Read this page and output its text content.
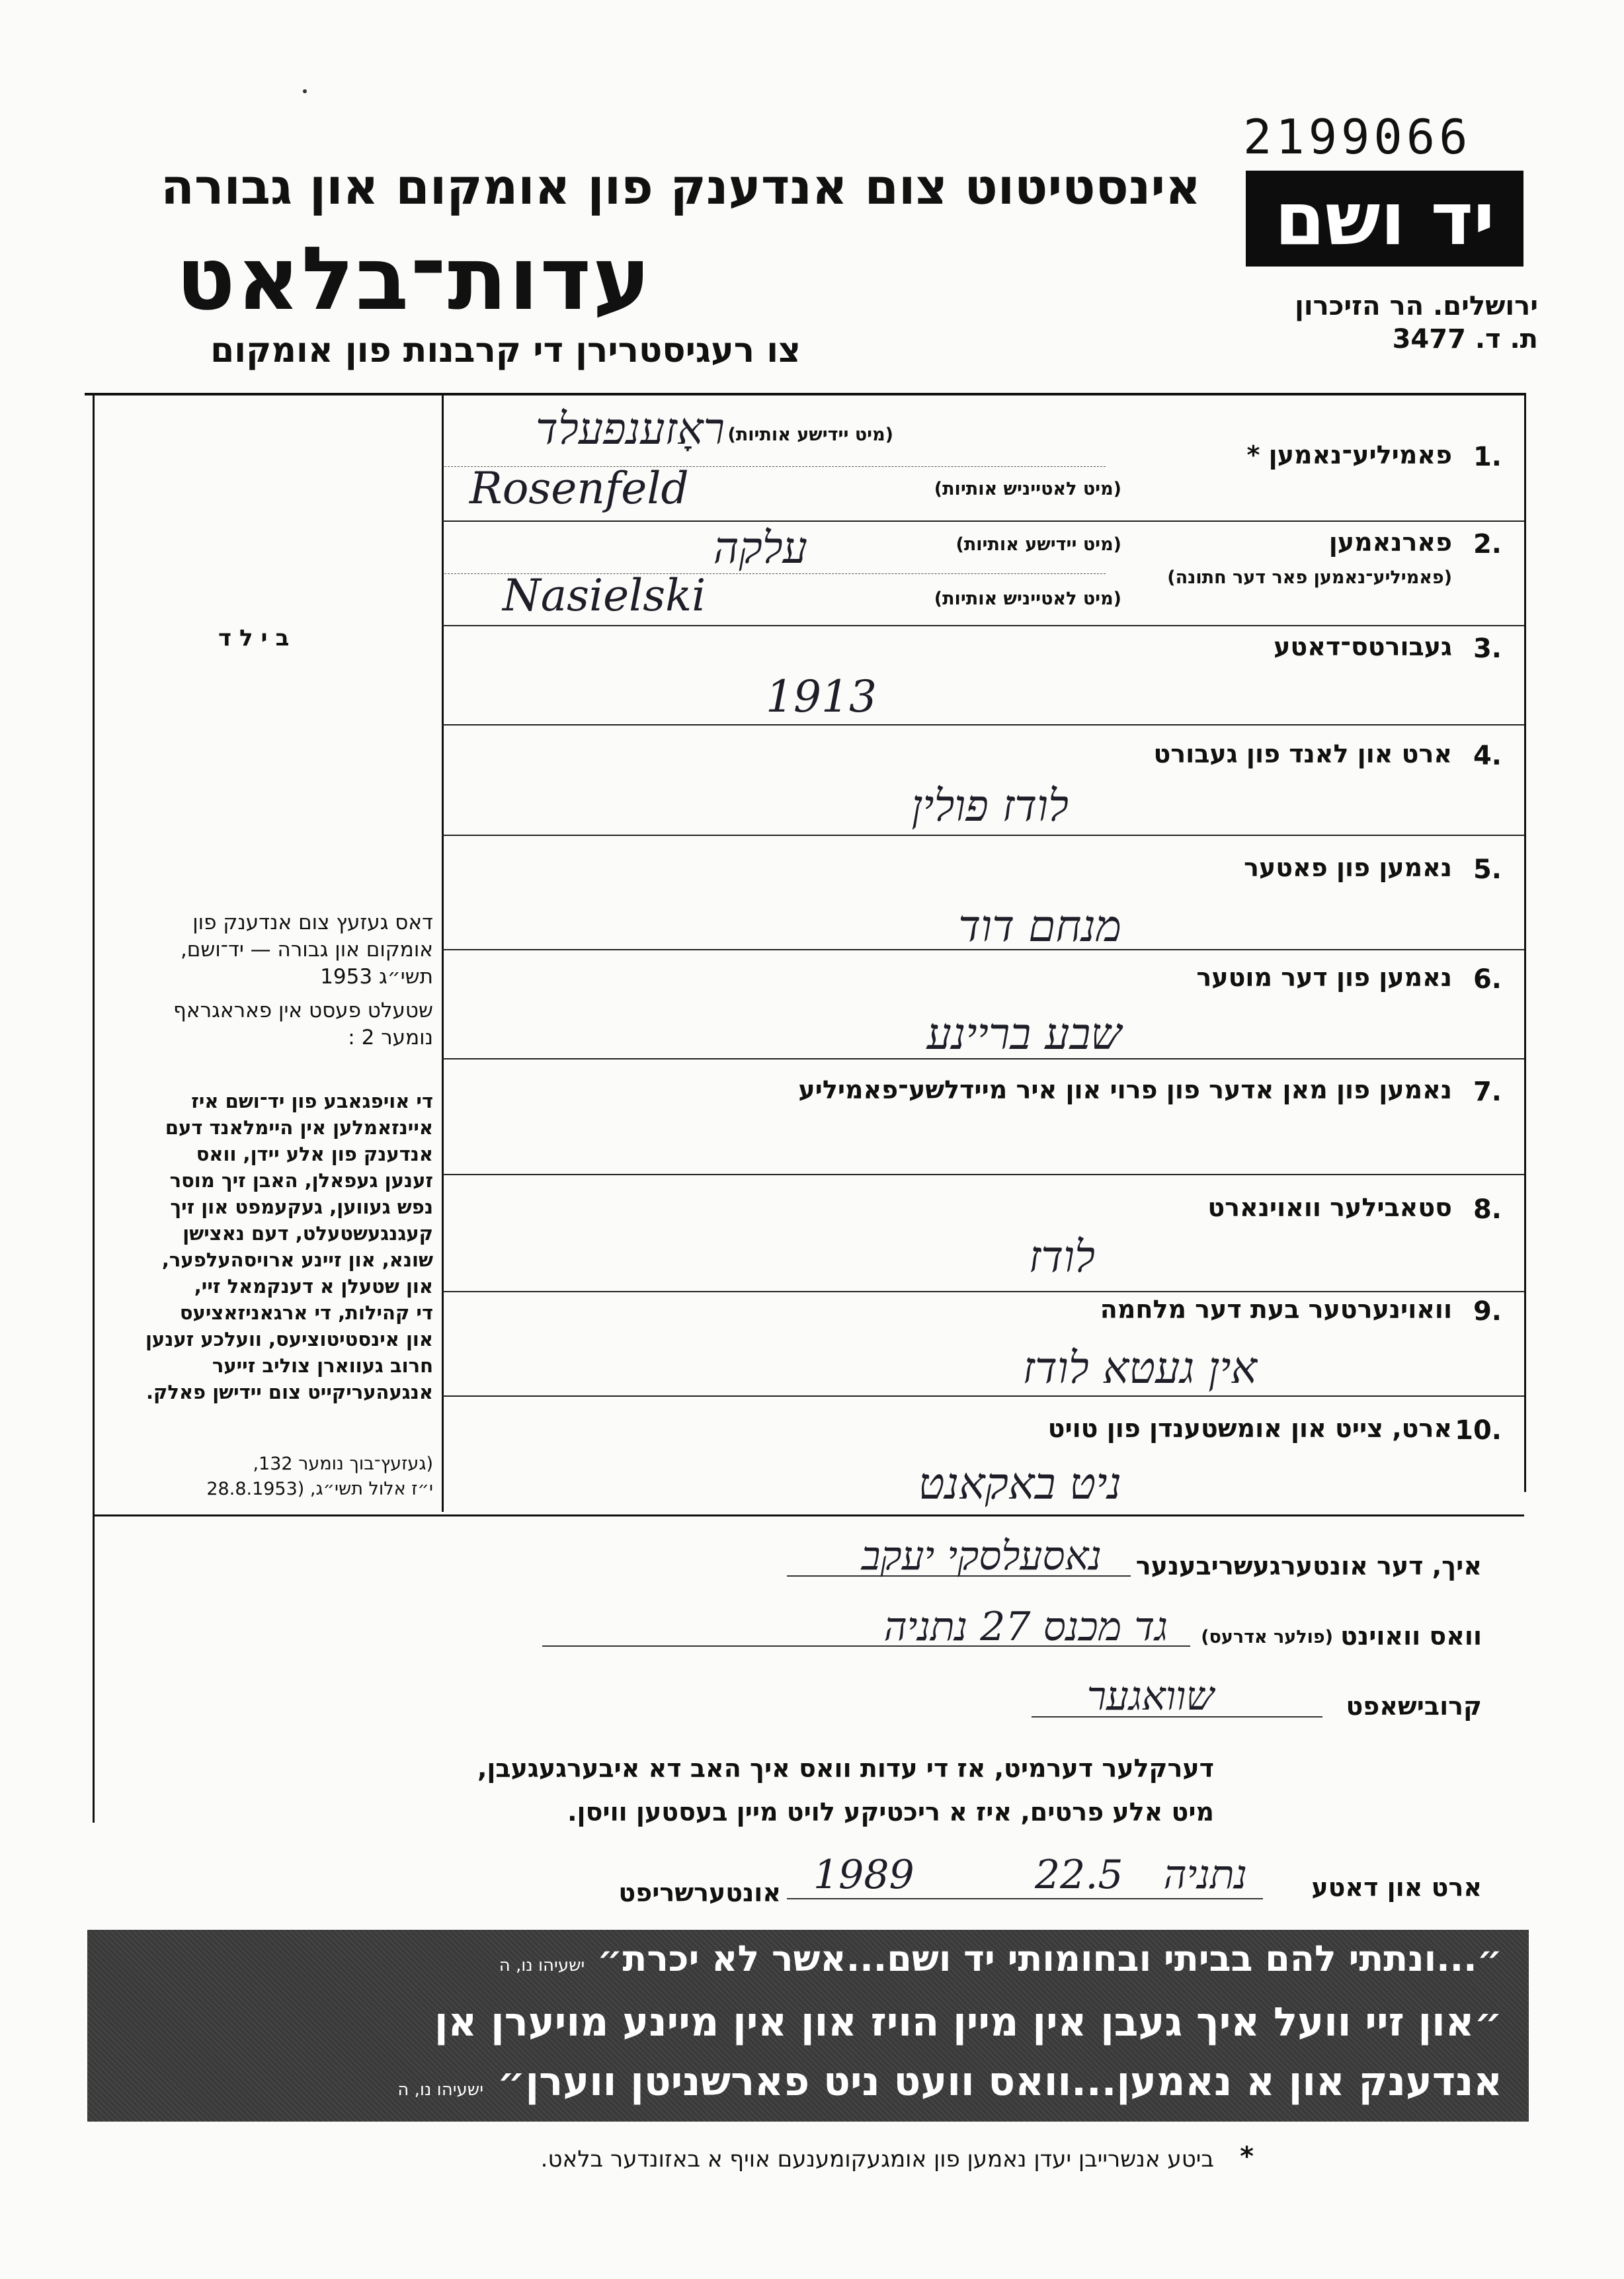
2199066
יד ושם
ירושלים. הר הזיכרון
ת. ד. 3477
אינסטיטוט צום אנדענק פון אומקום און גבורה
עדות־בלאט
צו רעגיסטרירן די קרבנות פון אומקום
1.
פאמיליע־נאמען *
(מיט יידישע אותיות)
ראָזענפעלד
(מיט לאטייניש אותיות)
Rosenfeld
2.
פארנאמען
(פאמיליע־נאמען פאר דער חתונה)
(מיט יידישע אותיות)
עלקה
(מיט לאטייניש אותיות)
Nasielski
3.
געבורטס־דאטע
1913
4.
ארט און לאנד פון געבורט
לודז פולין
5.
נאמען פון פאטער
מנחם דוד
6.
נאמען פון דער מוטער
שבע בריינע
7.
נאמען פון מאן אדער פון פרוי און איר מיידלשע־פאמיליע
8.
סטאבילער וואוינארט
לודז
9.
וואוינערטער בעת דער מלחמה
אין געטא לודז
10.
ארט, צייט און אומשטענדן פון טויט
ניט באקאנט
בילד
דאס געזעץ צום אנדענק פון
אומקום און גבורה — יד־ושם,
תשי״ג 1953
שטעלט פעסט אין פאראגראף
נומער 2 :
די אויפגאבע פון יד־ושם איז
איינזאמלען אין היימלאנד דעם
אנדענק פון אלע יידן, וואס
זענען געפאלן, האבן זיך מוסר
נפש געווען, געקעמפט און זיך
קעגנגעשטעלט, דעם נאצישן
שונא, און זיינע ארויסהעלפער,
און שטעלן א דענקמאל זיי,
די קהילות, די ארגאניזאציעס
און אינסטיטוציעס, וועלכע זענען
חרוב געווארן צוליב זייער
אנגעהעריקייט צום יידישן פאלק.
(געזעץ־בוך נומער 132,
י״ז אלול תשי״ג, (28.8.1953
איך, דער אונטערגעשריבענער
נאסעלסקי יעקב
וואס וואוינט
(פולער אדרעס)
גד מכנס 27 נתניה
קרובישאפט
שוואגער
דערקלער דערמיט, אז די עדות וואס איך האב דא איבערגעגעבן,
מיט אלע פרטים, איז א ריכטיקע לויט מיין בעסטען וויסן.
ארט און דאטע
נתניה
22.5
1989
אונטערשריפט
״...ונתתי להם בביתי ובחומותי יד ושם...אשר לא יכרת״ ישעיהו נו, ה
״און זיי וועל איך געבן אין מיין הויז און אין מיינע מויערן אן
אנדענק און א נאמען...וואס וועט ניט פארשניטן ווערן״ ישעיהו נו, ה
*
ביטע אנשרייבן יעדן נאמען פון אומגעקומענעם אויף א באזונדער בלאט.
